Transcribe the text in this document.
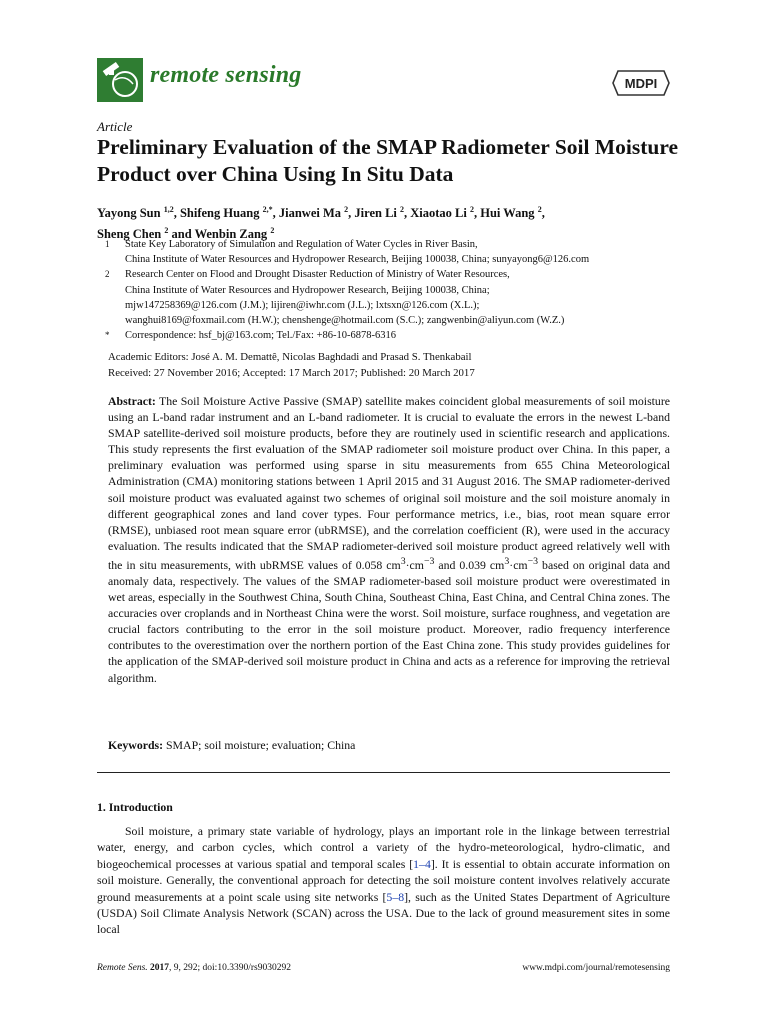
remote sensing	MDPI
Article
Preliminary Evaluation of the SMAP Radiometer Soil Moisture Product over China Using In Situ Data
Yayong Sun $^{1,2}$, Shifeng Huang $^{2,*}$, Jianwei Ma $^2$, Jiren Li $^2$, Xiaotao Li $^2$, Hui Wang $^2$,
Sheng Chen $^2$ and Wenbin Zang $^2$
1 State Key Laboratory of Simulation and Regulation of Water Cycles in River Basin,
China Institute of Water Resources and Hydropower Research, Beijing 100038, China; sunyayong6@126.com
2 Research Center on Flood and Drought Disaster Reduction of Ministry of Water Resources,
China Institute of Water Resources and Hydropower Research, Beijing 100038, China;
mjw147258369@126.com (J.M.); lijiren@iwhr.com (J.L.); lxtsxn@126.com (X.L.);
wanghui8169@foxmail.com (H.W.); chenshenge@hotmail.com (S.C.); zangwenbin@aliyun.com (W.Z.)
* Correspondence: hsf_bj@163.com; Tel./Fax: +86-10-6878-6316
Academic Editors: José A. M. Demattê, Nicolas Baghdadi and Prasad S. Thenkabail
Received: 27 November 2016; Accepted: 17 March 2017; Published: 20 March 2017
Abstract: The Soil Moisture Active Passive (SMAP) satellite makes coincident global measurements of soil moisture using an L-band radar instrument and an L-band radiometer. It is crucial to evaluate the errors in the newest L-band SMAP satellite-derived soil moisture products, before they are routinely used in scientific research and applications. This study represents the first evaluation of the SMAP radiometer soil moisture product over China. In this paper, a preliminary evaluation was performed using sparse in situ measurements from 655 China Meteorological Administration (CMA) monitoring stations between 1 April 2015 and 31 August 2016. The SMAP radiometer-derived soil moisture product was evaluated against two schemes of original soil moisture and the soil moisture anomaly in different geographical zones and land cover types. Four performance metrics, i.e., bias, root mean square error (RMSE), unbiased root mean square error (ubRMSE), and the correlation coefficient (R), were used in the accuracy evaluation. The results indicated that the SMAP radiometer-derived soil moisture product agreed relatively well with the in situ measurements, with ubRMSE values of 0.058 $cm^3\cdot cm^{-3}$ and 0.039 $cm^3\cdot cm^{-3}$ based on original data and anomaly data, respectively. The values of the SMAP radiometer-based soil moisture product were overestimated in wet areas, especially in the Southwest China, South China, Southeast China, East China, and Central China zones. The accuracies over croplands and in Northeast China were the worst. Soil moisture, surface roughness, and vegetation are crucial factors contributing to the error in the soil moisture product. Moreover, radio frequency interference contributes to the overestimation over the northern portion of the East China zone. This study provides guidelines for the application of the SMAP-derived soil moisture product in China and acts as a reference for improving the retrieval algorithm.
Keywords: SMAP; soil moisture; evaluation; China
1. Introduction
Soil moisture, a primary state variable of hydrology, plays an important role in the linkage between terrestrial water, energy, and carbon cycles, which control a variety of the hydro-meteorological, hydro-climatic, and biogeochemical processes at various spatial and temporal scales [1–4]. It is essential to obtain accurate information on soil moisture. Generally, the conventional approach for detecting the soil moisture content involves relatively accurate ground measurements at a point scale using site networks [5–8], such as the United States Department of Agriculture (USDA) Soil Climate Analysis Network (SCAN) across the USA. Due to the lack of ground measurement sites in some local
Remote Sens. 2017, 9, 292; doi:10.3390/rs9030292	www.mdpi.com/journal/remotesensing
